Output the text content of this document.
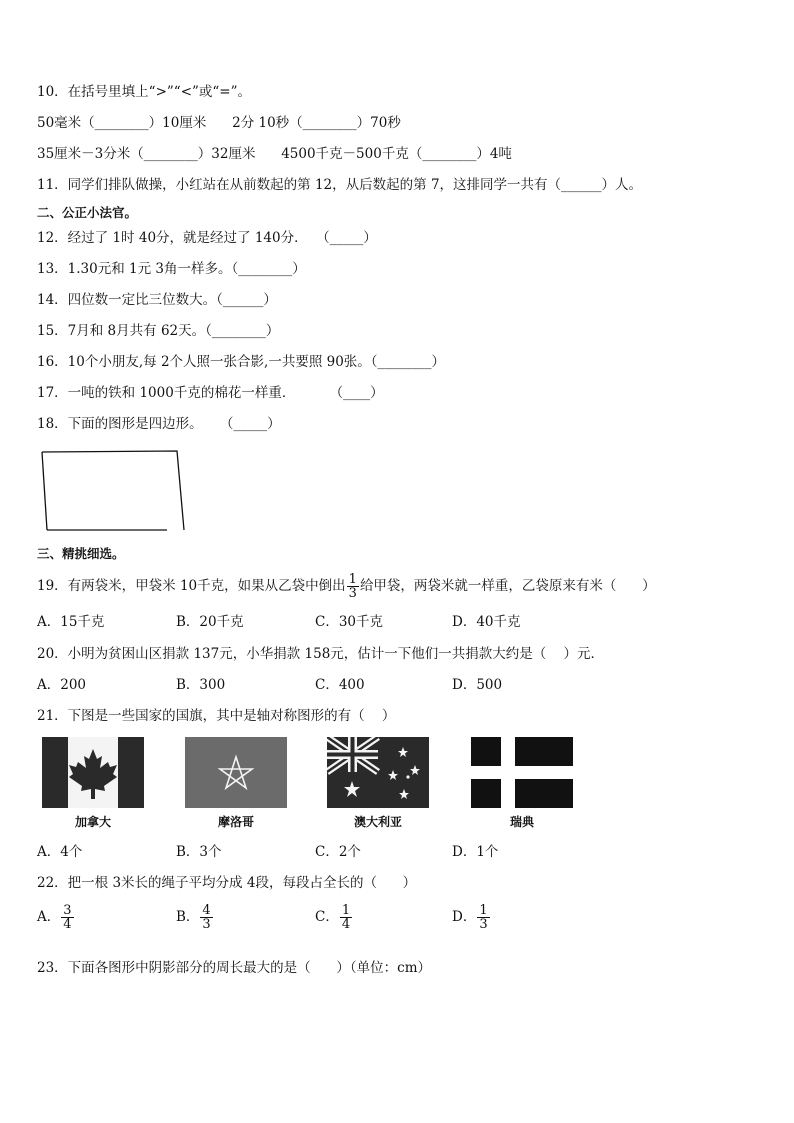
10．在括号里填上“>”“<”或“=”。
50毫米（________）10厘米      2分 10秒（________）70秒
35厘米－3分米（________）32厘米      4500千克－500千克（________）4吨
11．同学们排队做操，小红站在从前数起的第 12，从后数起的第 7，这排同学一共有（______）人。
二、公正小法官。
12．经过了 1时 40分，就是经过了 140分．  （_____）
13．1.30元和 1元 3角一样多。（________）
14．四位数一定比三位数大。（______）
15．7月和 8月共有 62天。（________）
16．10个小朋友,每 2个人照一张合影,一共要照 90张。（________）
17．一吨的铁和 1000千克的棉花一样重．        （____）
18．下面的图形是四边形。    （_____）
三、精挑细选。
19．有两袋米，甲袋米 10千克，如果从乙袋中倒出 $\frac{1}{3}$ 给甲袋，两袋米就一样重，乙袋原来有米（      ）
A．15千克	B．20千克	C．30千克	D．40千克
20．小明为贫困山区捐款 137元，小华捐款 158元，估计一下他们一共捐款大约是（    ）元．
A．200	B．300	C．400	D．500
21．下图是一些国家的国旗，其中是轴对称图形的有（    ）
加拿大	摩洛哥	澳大利亚	瑞典
A．4个	B．3个	C．2个	D．1个
22．把一根 3米长的绳子平均分成 4段，每段占全长的（      ）
A． $\frac{3}{4}$	B． $\frac{4}{3}$	C． $\frac{1}{4}$	D． $\frac{1}{3}$
23．下面各图形中阴影部分的周长最大的是（      ）（单位：cm）
